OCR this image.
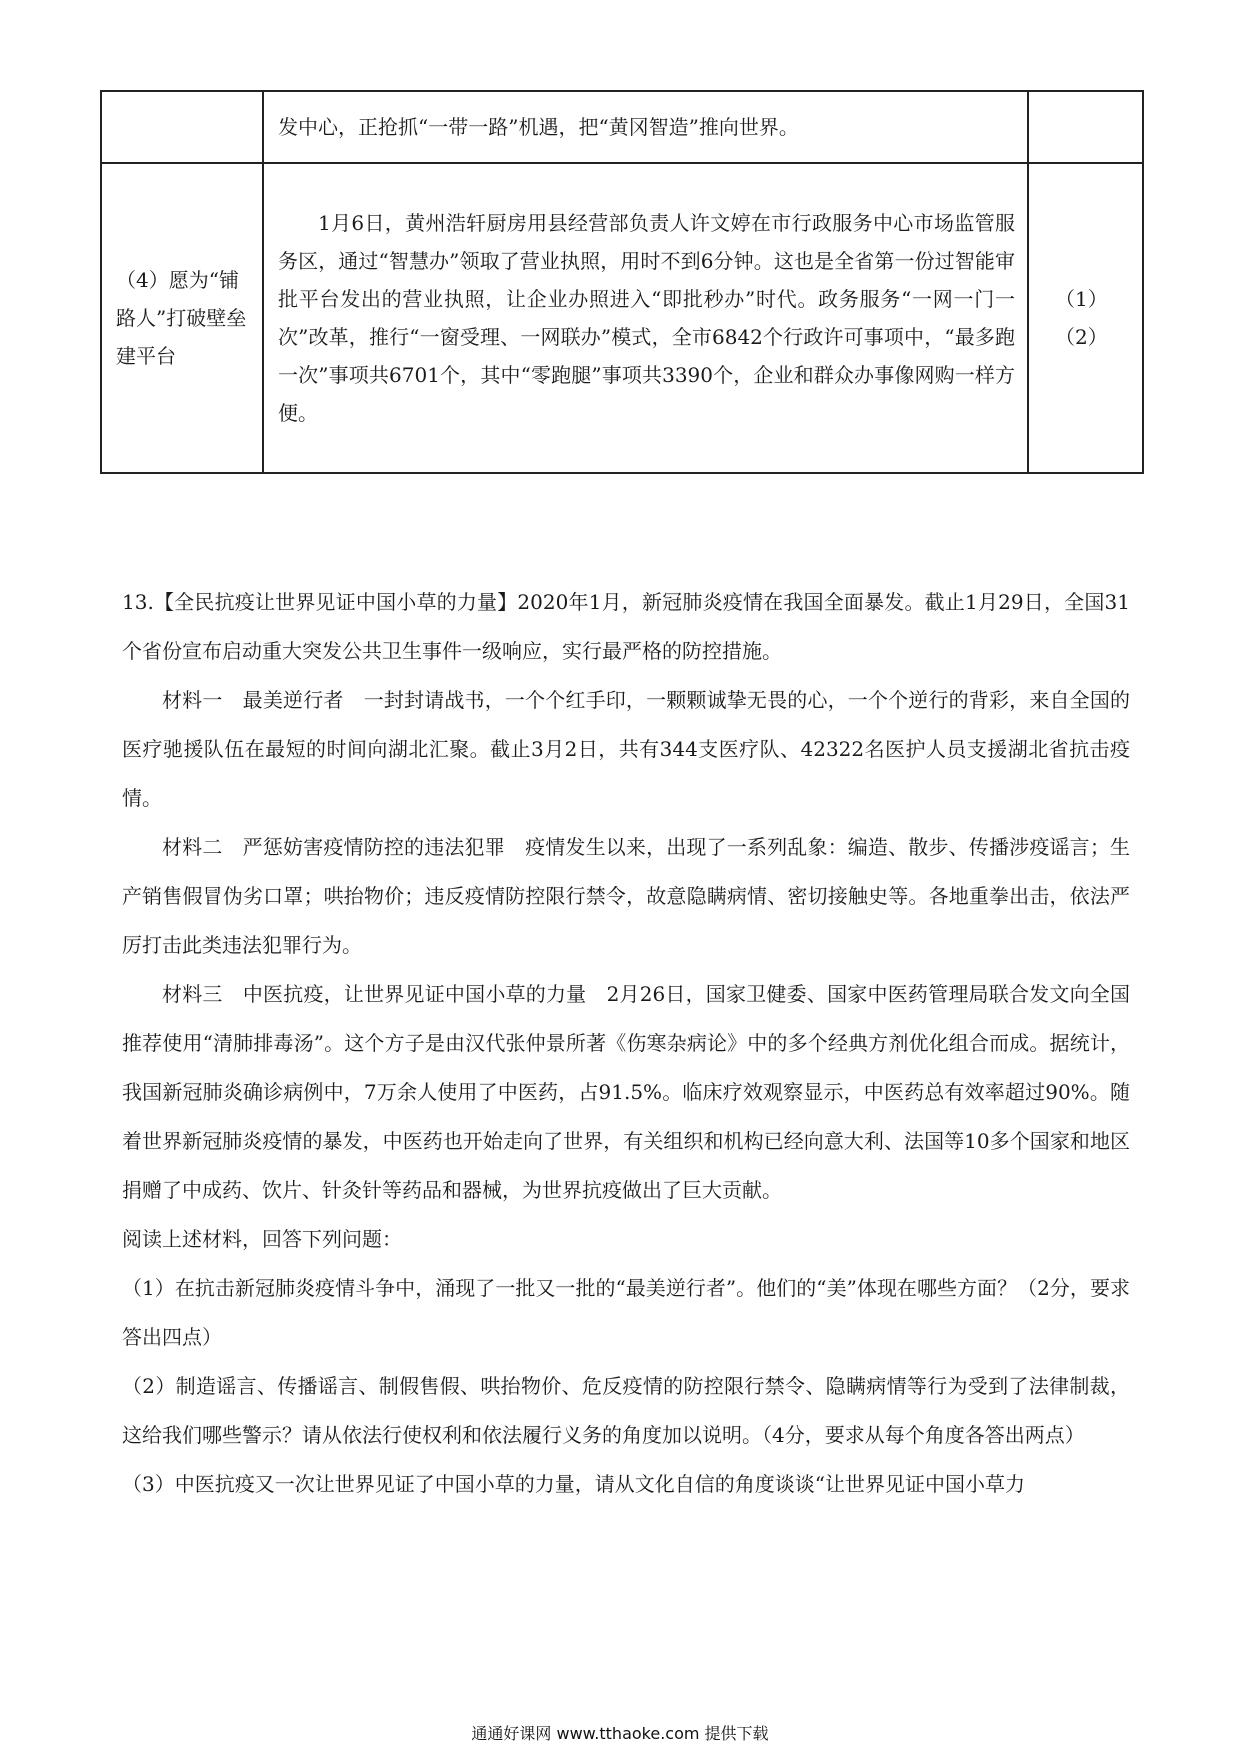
	发中心，正抢抓“一带一路”机遇，把“黄冈智造”推向世界。	

（4）愿为“铺路人”打破壁垒建平台	1月6日，黄州浩轩厨房用县经营部负责人许文婷在市行政服务中心市场监管服务区，通过“智慧办”领取了营业执照，用时不到6分钟。这也是全省第一份过智能审批平台发出的营业执照，让企业办照进入“即批秒办”时代。政务服务“一网一门一次”改革，推行“一窗受理、一网联办”模式，全市6842个行政许可事项中，“最多跑一次”事项共6701个，其中“零跑腿”事项共3390个，企业和群众办事像网购一样方便。	（1）
（2）

13.【全民抗疫让世界见证中国小草的力量】2020年1月，新冠肺炎疫情在我国全面暴发。截止1月29日，全国31个省份宣布启动重大突发公共卫生事件一级响应，实行最严格的防控措施。

材料一　最美逆行者　一封封请战书，一个个红手印，一颗颗诚挚无畏的心，一个个逆行的背彩，来自全国的医疗驰援队伍在最短的时间向湖北汇聚。截止3月2日，共有344支医疗队、42322名医护人员支援湖北省抗击疫情。

材料二　严惩妨害疫情防控的违法犯罪　疫情发生以来，出现了一系列乱象：编造、散步、传播涉疫谣言；生产销售假冒伪劣口罩；哄抬物价；违反疫情防控限行禁令，故意隐瞒病情、密切接触史等。各地重拳出击，依法严厉打击此类违法犯罪行为。

材料三　中医抗疫，让世界见证中国小草的力量　2月26日，国家卫健委、国家中医药管理局联合发文向全国推荐使用“清肺排毒汤”。这个方子是由汉代张仲景所著《伤寒杂病论》中的多个经典方剂优化组合而成。据统计，我国新冠肺炎确诊病例中，7万余人使用了中医药，占91.5%。临床疗效观察显示，中医药总有效率超过90%。随着世界新冠肺炎疫情的暴发，中医药也开始走向了世界，有关组织和机构已经向意大利、法国等10多个国家和地区捐赠了中成药、饮片、针灸针等药品和器械，为世界抗疫做出了巨大贡献。

阅读上述材料，回答下列问题：

（1）在抗击新冠肺炎疫情斗争中，涌现了一批又一批的“最美逆行者”。他们的“美”体现在哪些方面？（2分，要求答出四点）

（2）制造谣言、传播谣言、制假售假、哄抬物价、危反疫情的防控限行禁令、隐瞒病情等行为受到了法律制裁，这给我们哪些警示？请从依法行使权利和依法履行义务的角度加以说明。（4分，要求从每个角度各答出两点）

（3）中医抗疫又一次让世界见证了中国小草的力量，请从文化自信的角度谈谈“让世界见证中国小草力

通通好课网 www.tthaoke.com 提供下载
